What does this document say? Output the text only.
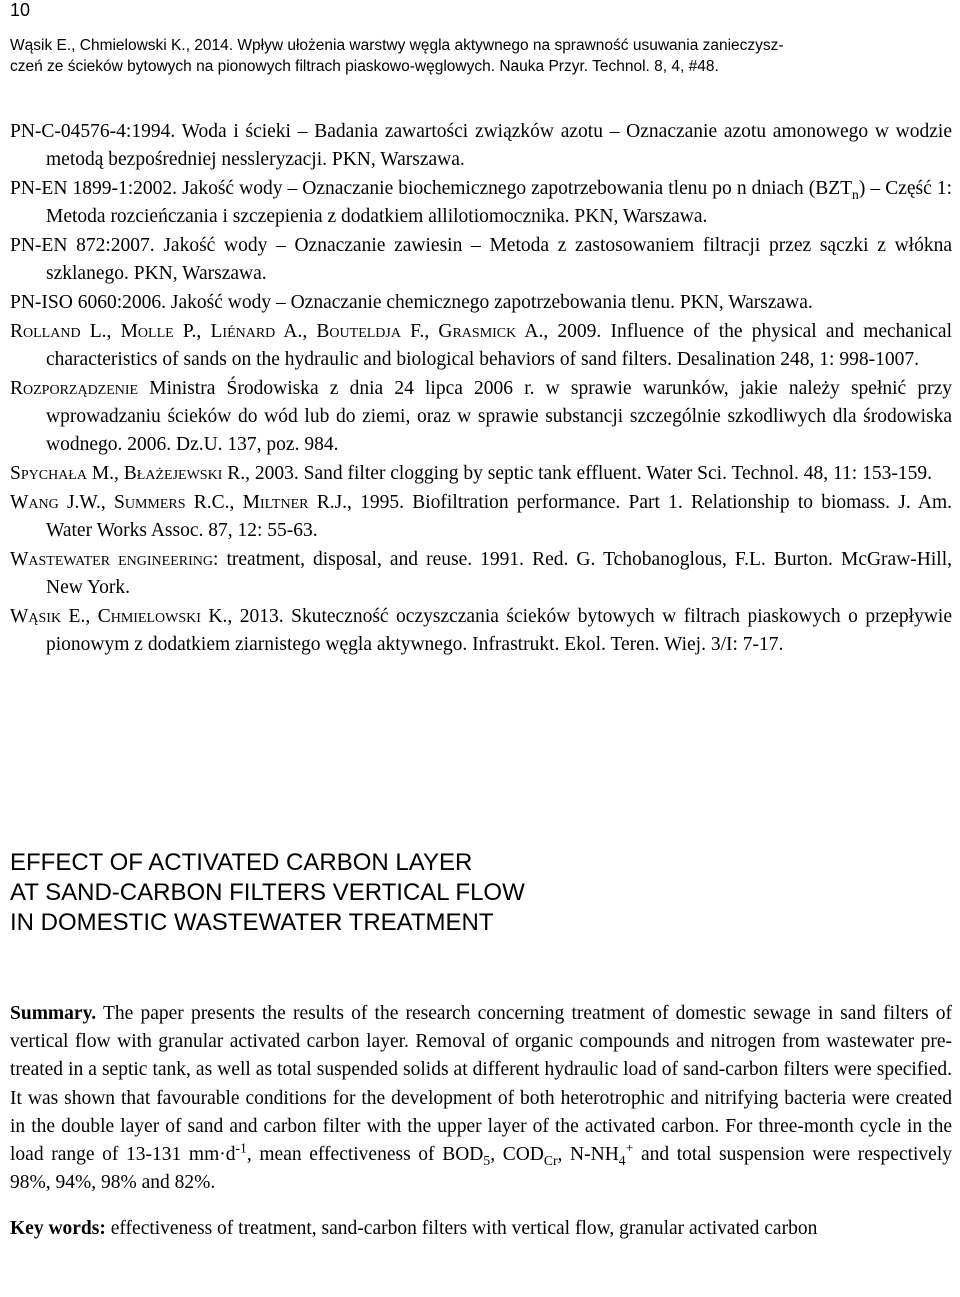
10
Wąsik E., Chmielowski K., 2014. Wpływ ułożenia warstwy węgla aktywnego na sprawność usuwania zanieczysz-
czeń ze ścieków bytowych na pionowych filtrach piaskowo-węglowych. Nauka Przyr. Technol. 8, 4, #48.

PN-C-04576-4:1994. Woda i ścieki – Badania zawartości związków azotu – Oznaczanie azotu amonowego w wodzie metodą bezpośredniej nessleryzacji. PKN, Warszawa.

PN-EN 1899-1:2002. Jakość wody – Oznaczanie biochemicznego zapotrzebowania tlenu po n dniach $(BZT_n)$ – Część 1: Metoda rozcieńczania i szczepienia z dodatkiem allilotiomocznika. PKN, Warszawa.

PN-EN 872:2007. Jakość wody – Oznaczanie zawiesin – Metoda z zastosowaniem filtracji przez sączki z włókna szklanego. PKN, Warszawa.

PN-ISO 6060:2006. Jakość wody – Oznaczanie chemicznego zapotrzebowania tlenu. PKN, Warszawa.

Rolland L., Molle P., Liénard A., Bouteldja F., Grasmick A., 2009. Influence of the physical and mechanical characteristics of sands on the hydraulic and biological behaviors of sand filters. Desalination 248, 1: 998-1007.

Rozporządzenie Ministra Środowiska z dnia 24 lipca 2006 r. w sprawie warunków, jakie należy spełnić przy wprowadzaniu ścieków do wód lub do ziemi, oraz w sprawie substancji szczególnie szkodliwych dla środowiska wodnego. 2006. Dz.U. 137, poz. 984.

Spychała M., Błażejewski R., 2003. Sand filter clogging by septic tank effluent. Water Sci. Technol. 48, 11: 153-159.

Wang J.W., Summers R.C., Miltner R.J., 1995. Biofiltration performance. Part 1. Relationship to biomass. J. Am. Water Works Assoc. 87, 12: 55-63.

Wastewater engineering: treatment, disposal, and reuse. 1991. Red. G. Tchobanoglous, F.L. Burton. McGraw-Hill, New York.

Wąsik E., Chmielowski K., 2013. Skuteczność oczyszczania ścieków bytowych w filtrach piaskowych o przepływie pionowym z dodatkiem ziarnistego węgla aktywnego. Infrastrukt. Ekol. Teren. Wiej. 3/I: 7-17.

EFFECT OF ACTIVATED CARBON LAYER
AT SAND-CARBON FILTERS VERTICAL FLOW
IN DOMESTIC WASTEWATER TREATMENT
Summary. The paper presents the results of the research concerning treatment of domestic sewage in sand filters of vertical flow with granular activated carbon layer. Removal of organic compounds and nitrogen from wastewater pre-treated in a septic tank, as well as total suspended solids at different hydraulic load of sand-carbon filters were specified. It was shown that favourable conditions for the development of both heterotrophic and nitrifying bacteria were created in the double layer of sand and carbon filter with the upper layer of the activated carbon. For three-month cycle in the load range of 13-131 $mm\cdot d^{-1}$, mean effectiveness of $BOD_5$, $COD_{Cr}$, $N-NH_4^+$ and total suspension were respectively 98%, 94%, 98% and 82%.
Key words: effectiveness of treatment, sand-carbon filters with vertical flow, granular activated carbon
